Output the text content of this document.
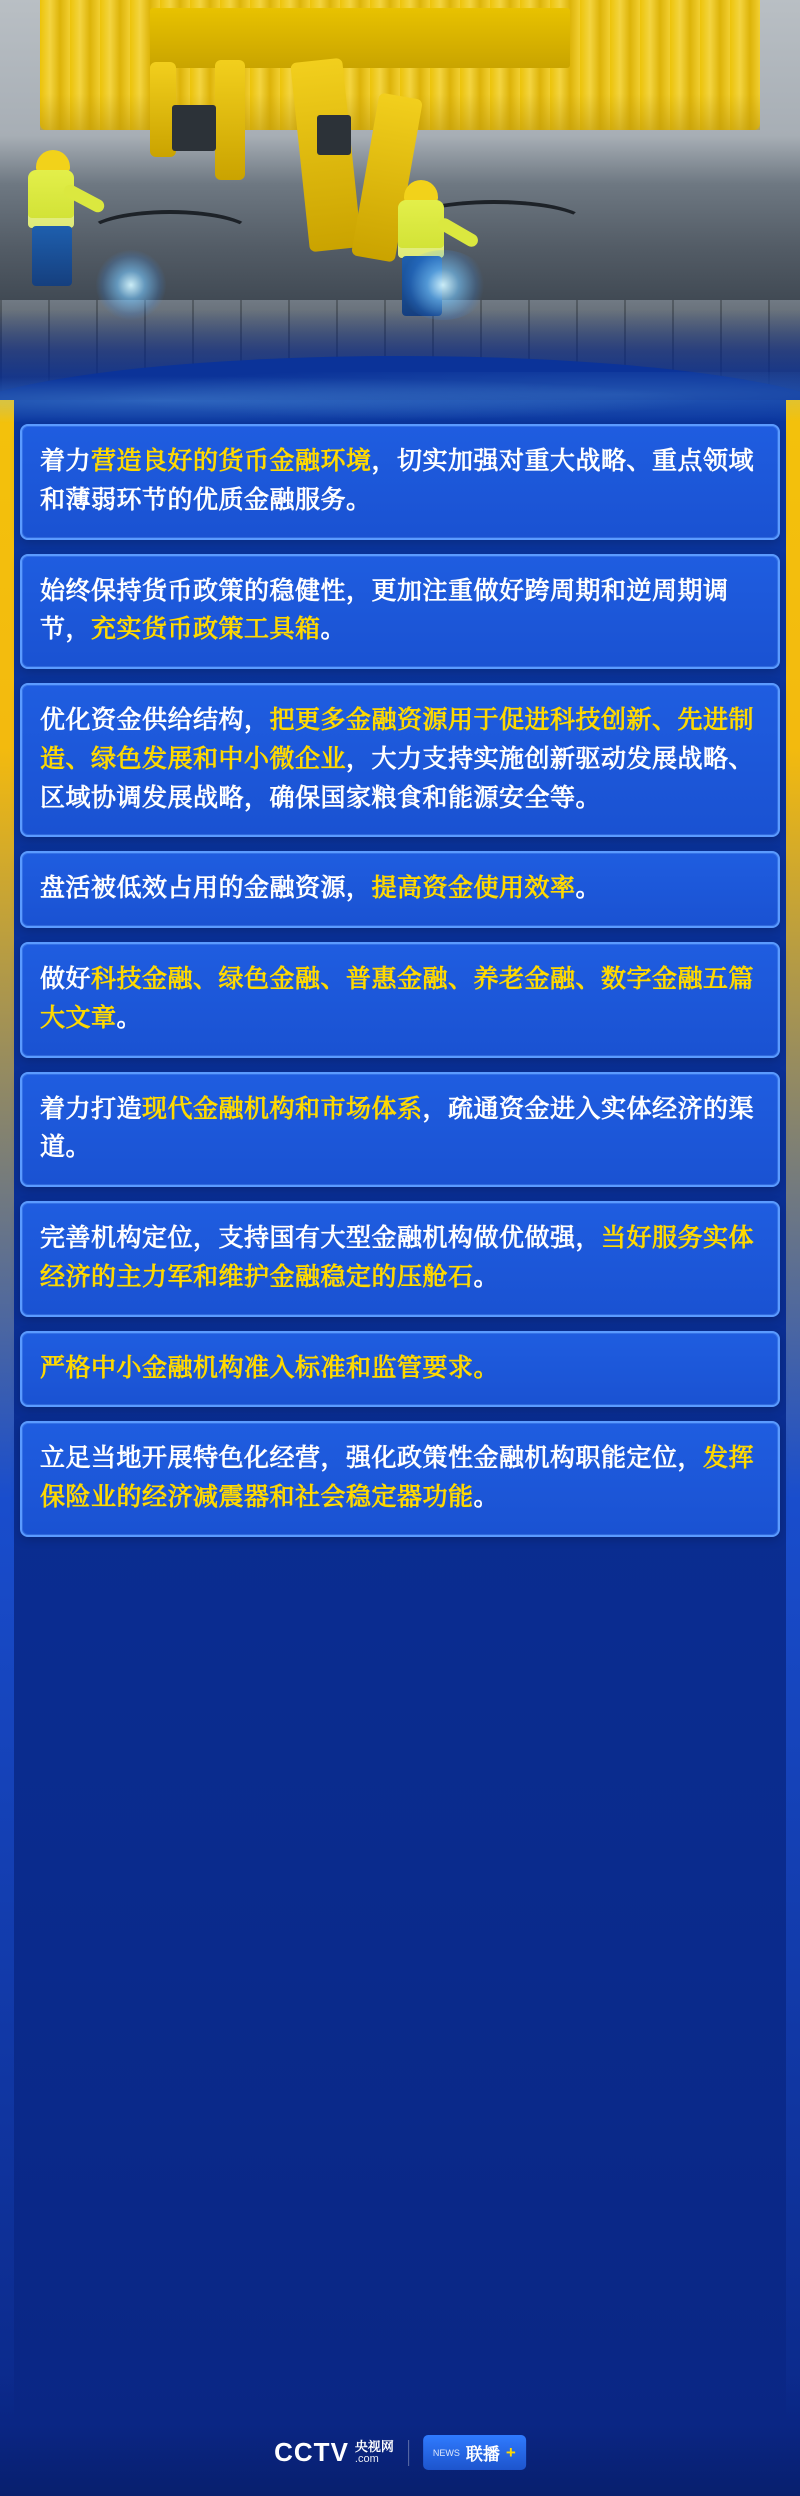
着力营造良好的货币金融环境，切实加强对重大战略、重点领域和薄弱环节的优质金融服务。
始终保持货币政策的稳健性，更加注重做好跨周期和逆周期调节，充实货币政策工具箱。
优化资金供给结构，把更多金融资源用于促进科技创新、先进制造、绿色发展和中小微企业，大力支持实施创新驱动发展战略、区域协调发展战略，确保国家粮食和能源安全等。
盘活被低效占用的金融资源，提高资金使用效率。
做好科技金融、绿色金融、普惠金融、养老金融、数字金融五篇大文章。
着力打造现代金融机构和市场体系，疏通资金进入实体经济的渠道。
完善机构定位，支持国有大型金融机构做优做强，当好服务实体经济的主力军和维护金融稳定的压舱石。
严格中小金融机构准入标准和监管要求。
立足当地开展特色化经营，强化政策性金融机构职能定位，发挥保险业的经济减震器和社会稳定器功能。
CCTV 央视网
.com
NEWS 联播 +
